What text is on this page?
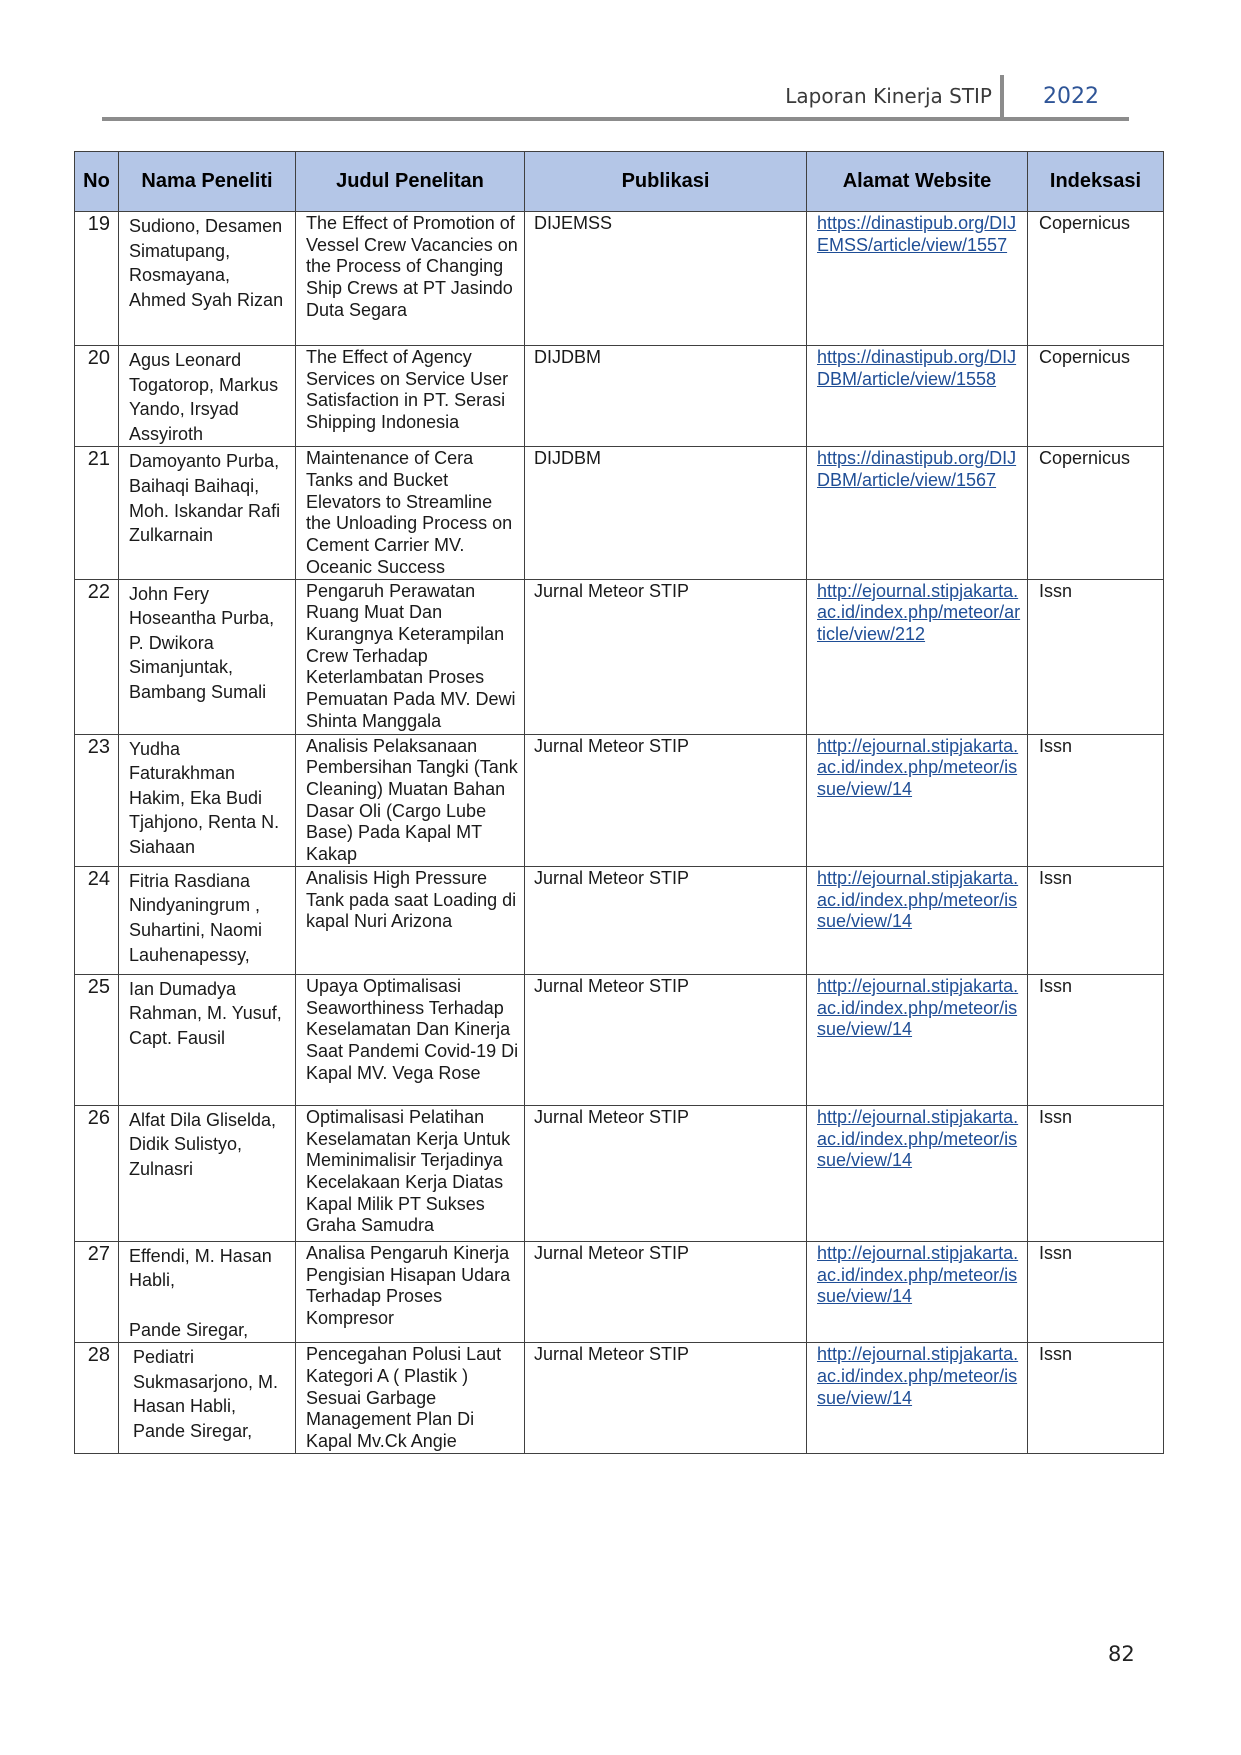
Laporan Kinerja STIP 2022
No	Nama Peneliti	Judul Penelitan	Publikasi	Alamat Website	Indeksasi
19	Sudiono, Desamen Simatupang, Rosmayana, Ahmed Syah Rizan	The Effect of Promotion of Vessel Crew Vacancies on the Process of Changing Ship Crews at PT Jasindo Duta Segara	DIJEMSS	https://dinastipub.org/DIJEMSS/article/view/1557	Copernicus
20	Agus Leonard Togatorop, Markus Yando, Irsyad Assyiroth	The Effect of Agency Services on Service User Satisfaction in PT. Serasi Shipping Indonesia	DIJDBM	https://dinastipub.org/DIJDBM/article/view/1558	Copernicus
21	Damoyanto Purba, Baihaqi Baihaqi, Moh. Iskandar Rafi Zulkarnain	Maintenance of Cera Tanks and Bucket Elevators to Streamline the Unloading Process on Cement Carrier MV. Oceanic Success	DIJDBM	https://dinastipub.org/DIJDBM/article/view/1567	Copernicus
22	John Fery Hoseantha Purba, P. Dwikora Simanjuntak, Bambang Sumali	Pengaruh Perawatan Ruang Muat Dan Kurangnya Keterampilan Crew Terhadap Keterlambatan Proses Pemuatan Pada MV. Dewi Shinta Manggala	Jurnal Meteor STIP	http://ejournal.stipjakarta.ac.id/index.php/meteor/article/view/212	Issn
23	Yudha Faturakhman Hakim, Eka Budi Tjahjono, Renta N. Siahaan	Analisis Pelaksanaan Pembersihan Tangki (Tank Cleaning) Muatan Bahan Dasar Oli (Cargo Lube Base) Pada Kapal MT Kakap	Jurnal Meteor STIP	http://ejournal.stipjakarta.ac.id/index.php/meteor/issue/view/14	Issn
24	Fitria Rasdiana Nindyaningrum , Suhartini, Naomi Lauhenapessy,	Analisis High Pressure Tank pada saat Loading di kapal Nuri Arizona	Jurnal Meteor STIP	http://ejournal.stipjakarta.ac.id/index.php/meteor/issue/view/14	Issn
25	Ian Dumadya Rahman, M. Yusuf, Capt. Fausil	Upaya Optimalisasi Seaworthiness Terhadap Keselamatan Dan Kinerja Saat Pandemi Covid-19 Di Kapal MV. Vega Rose	Jurnal Meteor STIP	http://ejournal.stipjakarta.ac.id/index.php/meteor/issue/view/14	Issn
26	Alfat Dila Gliselda, Didik Sulistyo, Zulnasri	Optimalisasi Pelatihan Keselamatan Kerja Untuk Meminimalisir Terjadinya Kecelakaan Kerja Diatas Kapal Milik PT Sukses Graha Samudra	Jurnal Meteor STIP	http://ejournal.stipjakarta.ac.id/index.php/meteor/issue/view/14	Issn
27	Effendi, M. Hasan Habli,

Pande Siregar,	Analisa Pengaruh Kinerja Pengisian Hisapan Udara Terhadap Proses Kompresor	Jurnal Meteor STIP	http://ejournal.stipjakarta.ac.id/index.php/meteor/issue/view/14	Issn
28	Pediatri Sukmasarjono, M. Hasan Habli, Pande Siregar,	Pencegahan Polusi Laut Kategori A ( Plastik ) Sesuai Garbage Management Plan Di Kapal Mv.Ck Angie	Jurnal Meteor STIP	http://ejournal.stipjakarta.ac.id/index.php/meteor/issue/view/14	Issn
82
